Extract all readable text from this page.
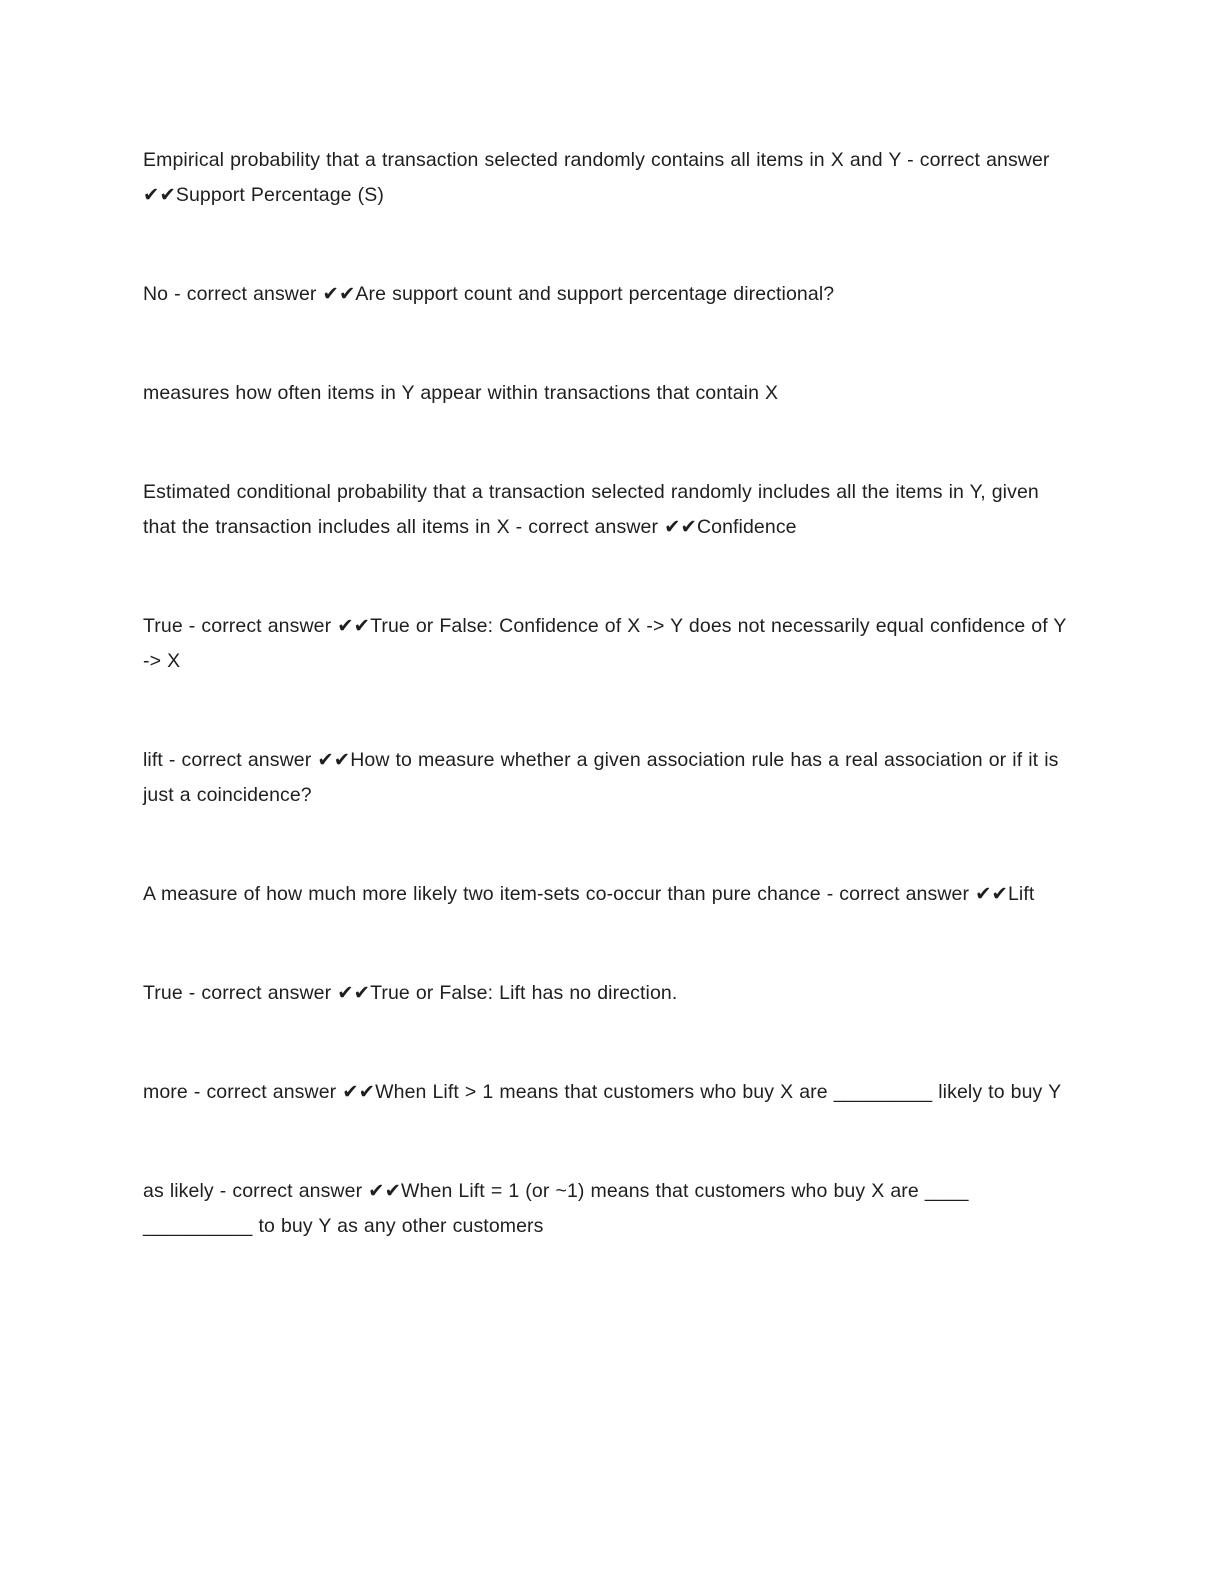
Empirical probability that a transaction selected randomly contains all items in X and Y - correct answer ✔✔Support Percentage (S)

No - correct answer ✔✔Are support count and support percentage directional?

measures how often items in Y appear within transactions that contain X

Estimated conditional probability that a transaction selected randomly includes all the items in Y, given that the transaction includes all items in X - correct answer ✔✔Confidence

True - correct answer ✔✔True or False: Confidence of X -> Y does not necessarily equal confidence of Y -> X

lift - correct answer ✔✔How to measure whether a given association rule has a real association or if it is just a coincidence?

A measure of how much more likely two item-sets co-occur than pure chance - correct answer ✔✔Lift

True - correct answer ✔✔True or False: Lift has no direction.

more - correct answer ✔✔When Lift > 1 means that customers who buy X are _________ likely to buy Y

as likely - correct answer ✔✔When Lift = 1 (or ~1) means that customers who buy X are ____ __________ to buy Y as any other customers
